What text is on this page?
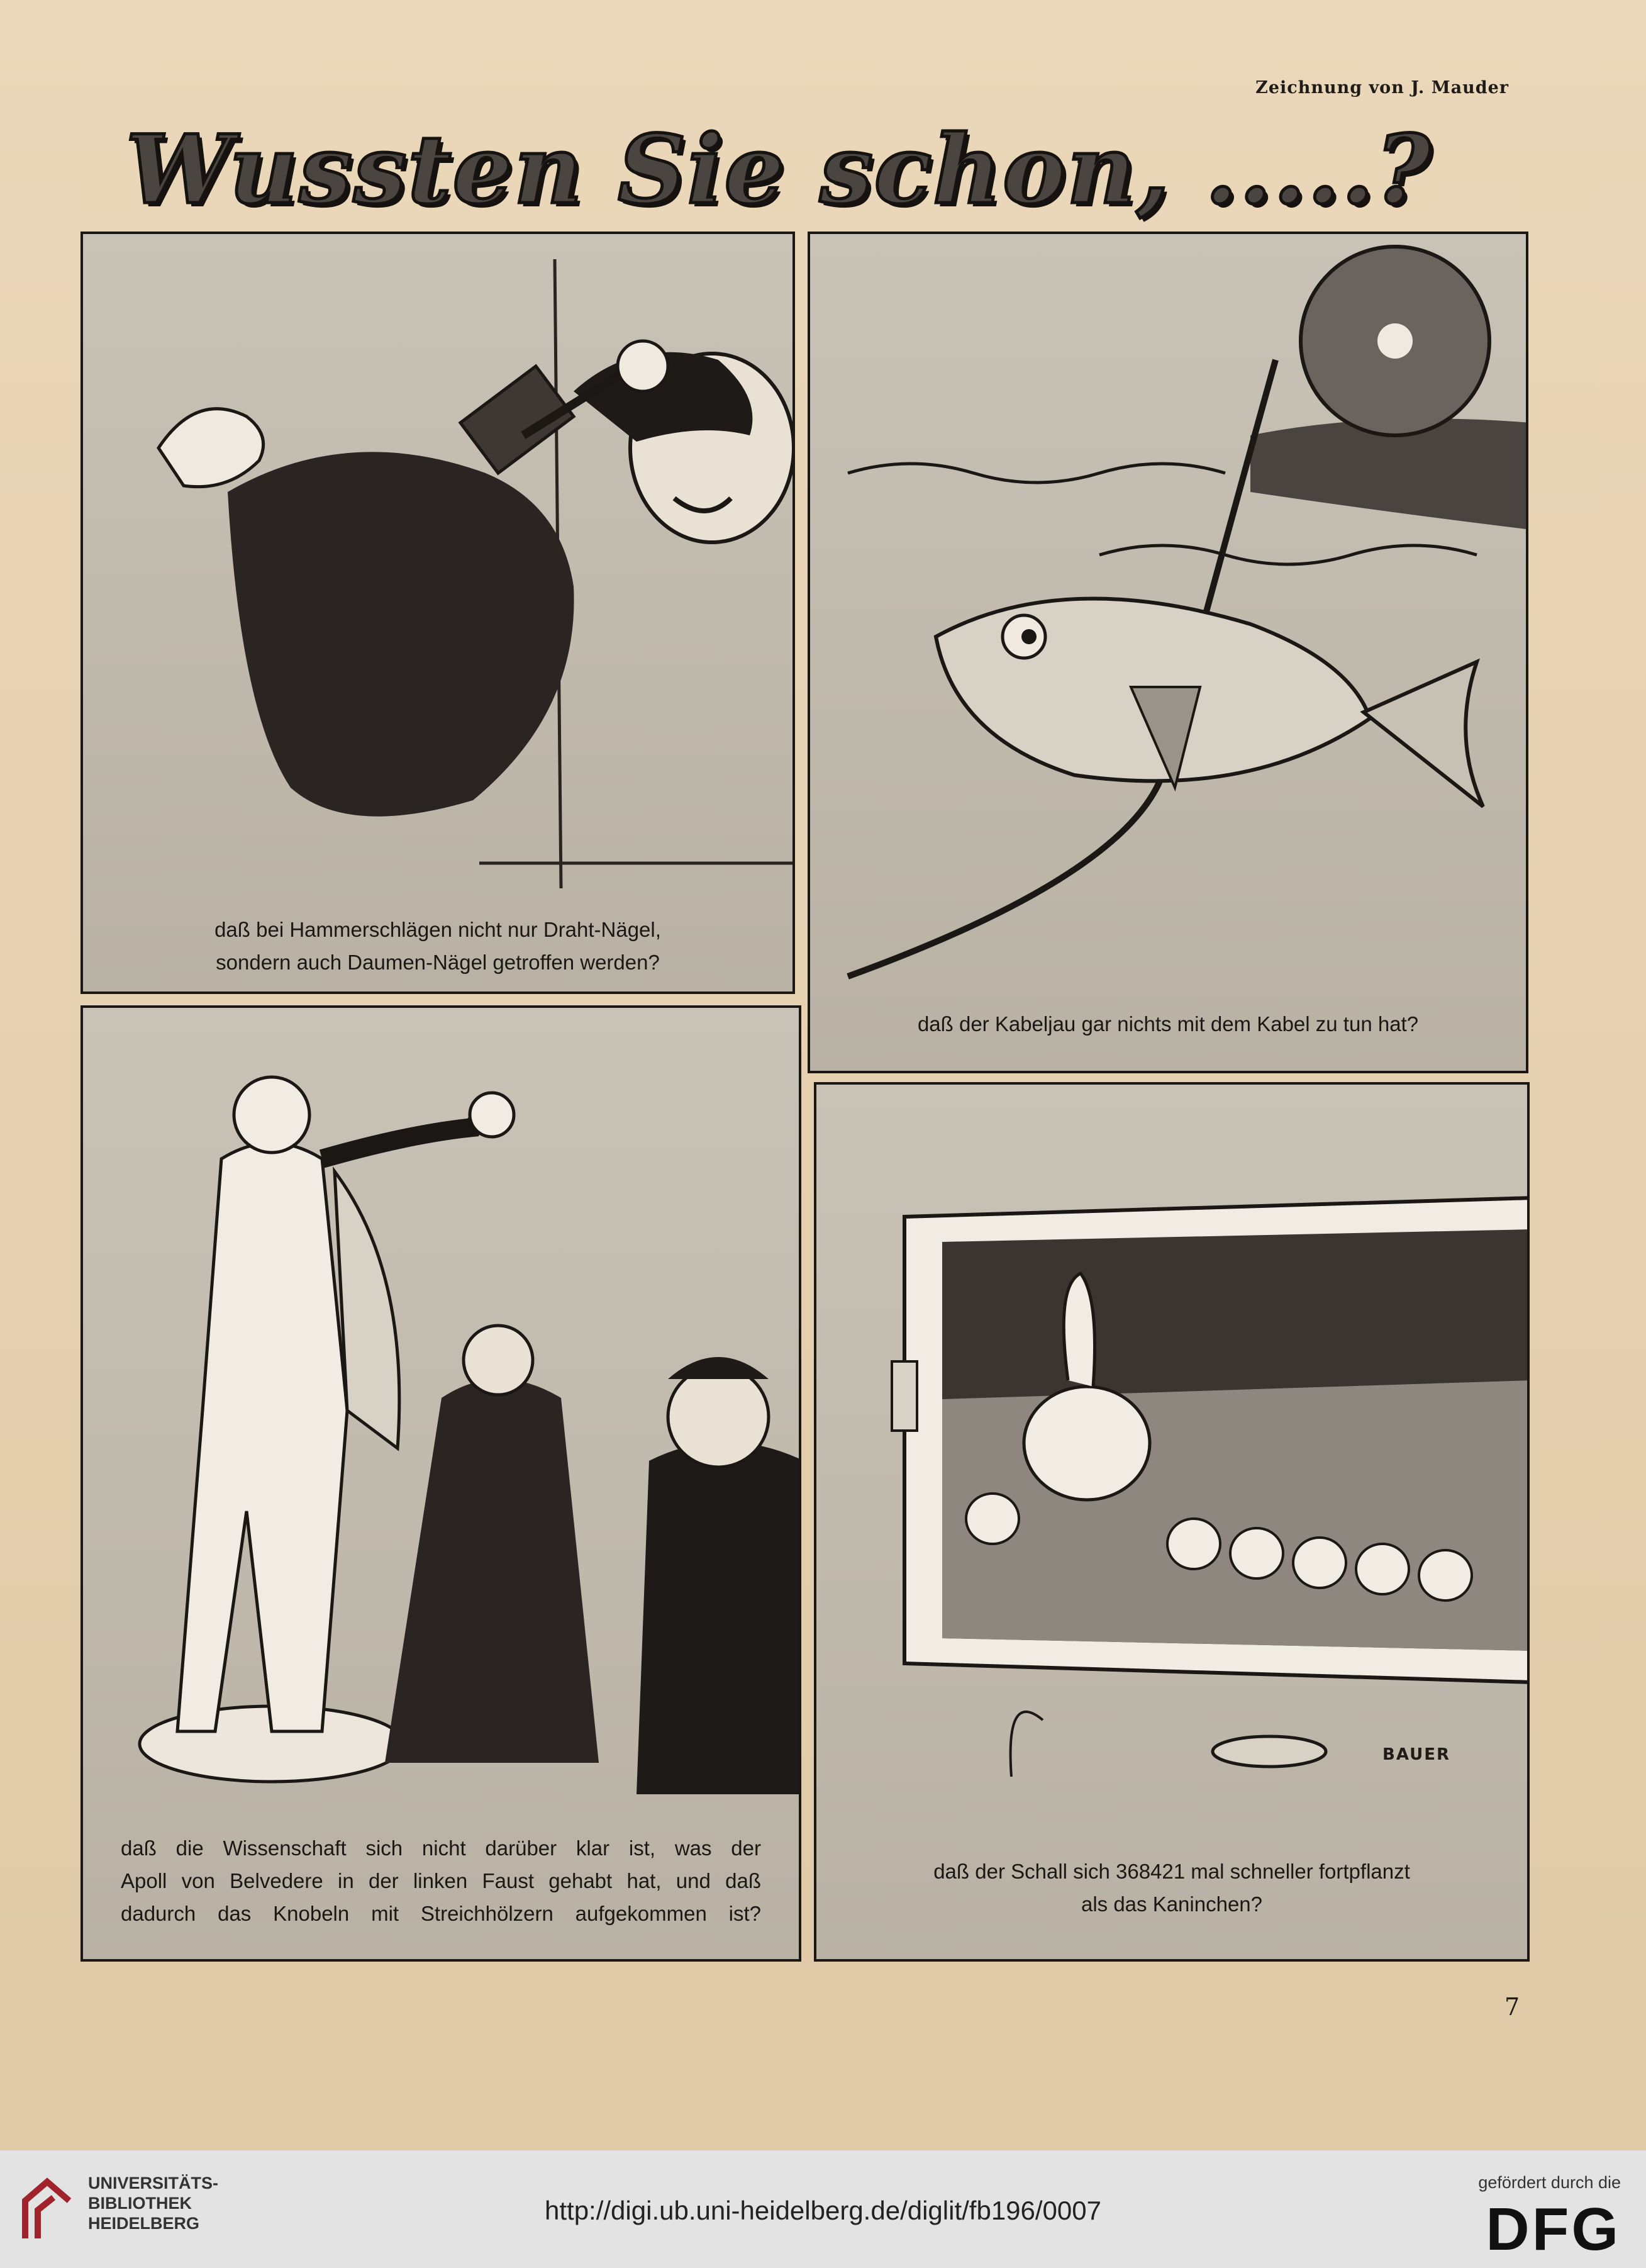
Zeichnung von J. Mauder
Wussten Sie schon, .....?
daß bei Hammerschlägen nicht nur Draht-Nägel,
sondern auch Daumen-Nägel getroffen werden?
daß der Kabeljau gar nichts mit dem Kabel zu tun hat?
daß die Wissenschaft sich nicht darüber klar ist, was der
Apoll von Belvedere in der linken Faust gehabt hat, und daß
dadurch das Knobeln mit Streichhölzern aufgekommen ist?
BAUER
daß der Schall sich 368421 mal schneller fortpflanzt
als das Kaninchen?
7
UNIVERSITÄTS-
BIBLIOTHEK
HEIDELBERG	http://digi.ub.uni-heidelberg.de/diglit/fb196/0007
gefördert durch die
DFG
